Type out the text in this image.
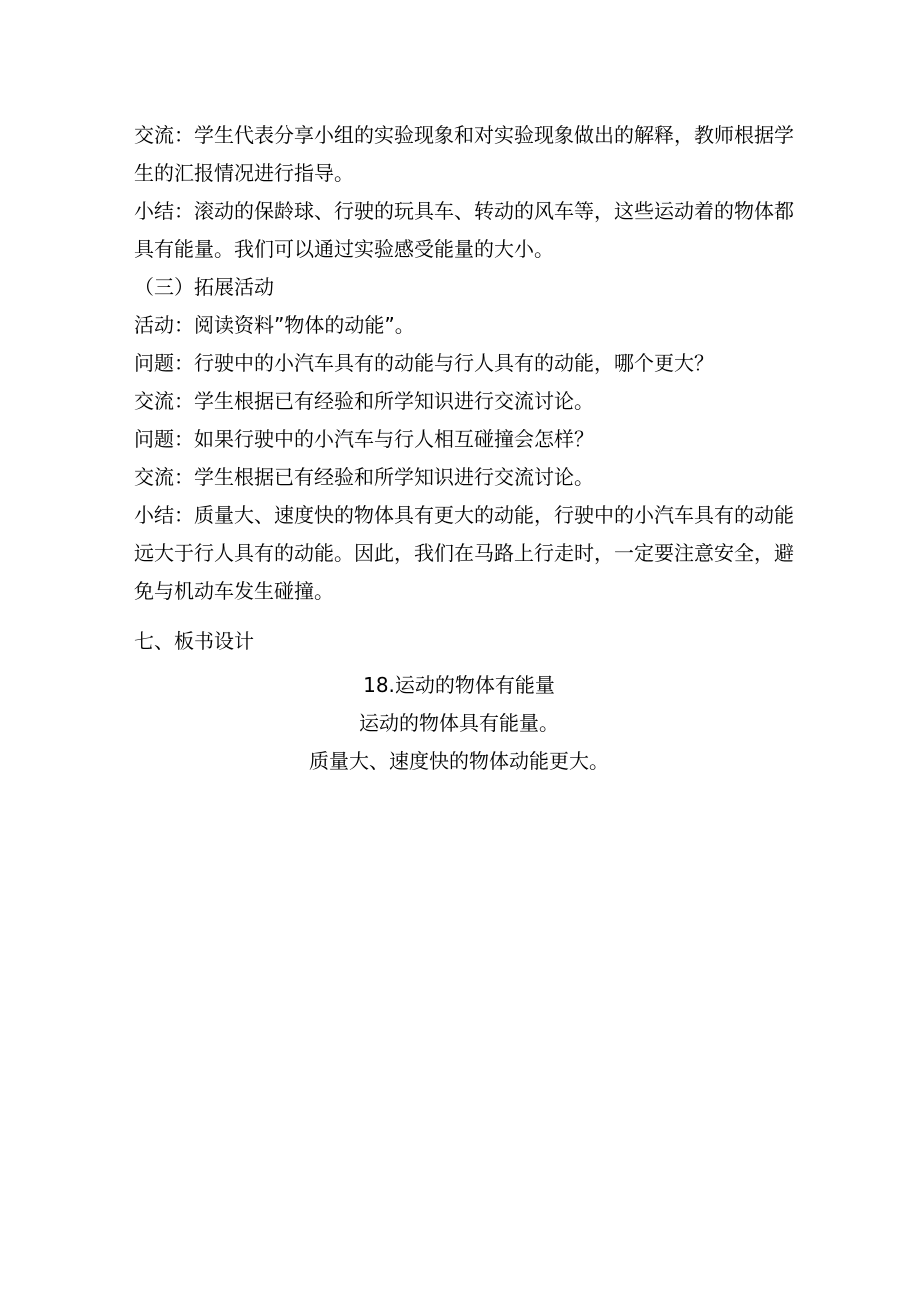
交流：学生代表分享小组的实验现象和对实验现象做出的解释，教师根据学生的汇报情况进行指导。

小结：滚动的保龄球、行驶的玩具车、转动的风车等，这些运动着的物体都具有能量。我们可以通过实验感受能量的大小。

（三）拓展活动

活动：阅读资料”物体的动能”。

问题：行驶中的小汽车具有的动能与行人具有的动能，哪个更大？

交流：学生根据已有经验和所学知识进行交流讨论。

问题：如果行驶中的小汽车与行人相互碰撞会怎样？

交流：学生根据已有经验和所学知识进行交流讨论。

小结：质量大、速度快的物体具有更大的动能，行驶中的小汽车具有的动能远大于行人具有的动能。因此，我们在马路上行走时，一定要注意安全，避免与机动车发生碰撞。

七、板书设计

18.运动的物体有能量

运动的物体具有能量。

质量大、速度快的物体动能更大。
